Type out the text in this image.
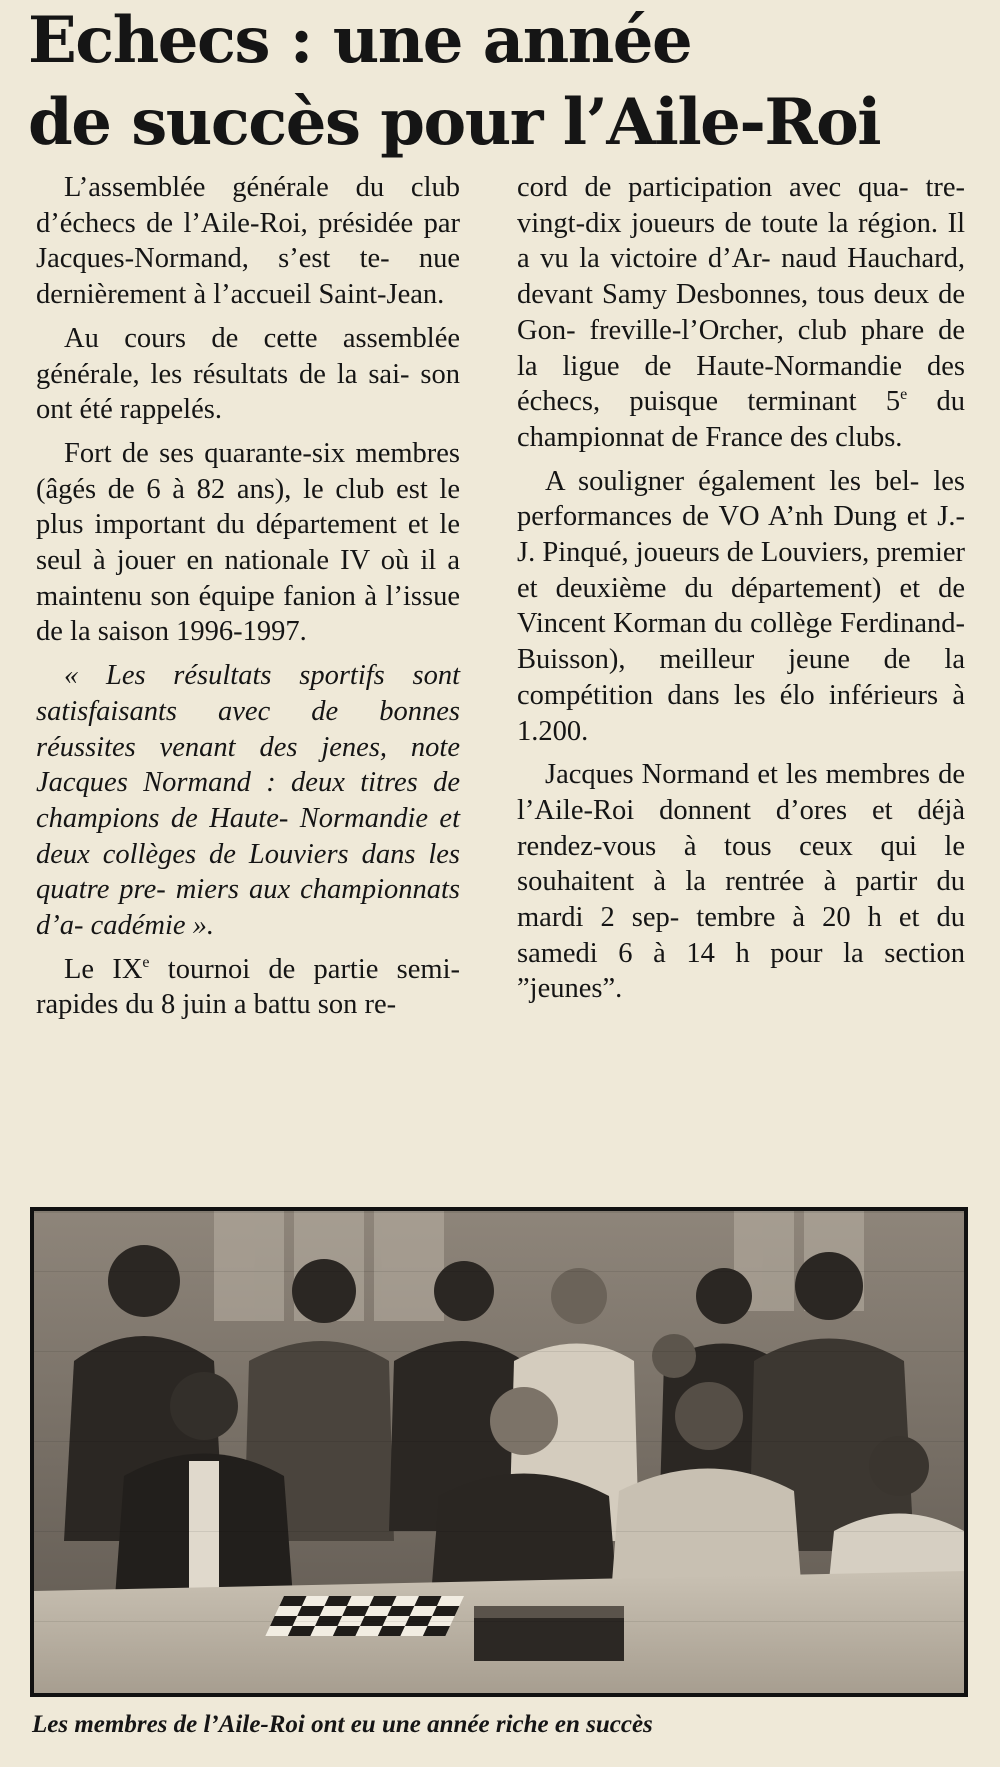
Echecs : une année
de succès pour l’Aile-Roi

L’assemblée générale du club d’échecs de l’Aile-Roi, présidée par Jacques-Normand, s’est te- nue dernièrement à l’accueil Saint-Jean.

Au cours de cette assemblée générale, les résultats de la sai- son ont été rappelés.

Fort de ses quarante-six membres (âgés de 6 à 82 ans), le club est le plus important du département et le seul à jouer en nationale IV où il a maintenu son équipe fanion à l’issue de la saison 1996-1997.

« Les résultats sportifs sont satisfaisants avec de bonnes réussites venant des jenes, note Jacques Normand : deux titres de champions de Haute- Normandie et deux collèges de Louviers dans les quatre pre- miers aux championnats d’a- cadémie ».

Le IXe tournoi de partie semi- rapides du 8 juin a battu son re-

cord de participation avec qua- tre-vingt-dix joueurs de toute la région. Il a vu la victoire d’Ar- naud Hauchard, devant Samy Desbonnes, tous deux de Gon- freville-l’Orcher, club phare de la ligue de Haute-Normandie des échecs, puisque terminant 5e du championnat de France des clubs.

A souligner également les bel- les performances de VO A’nh Dung et J.-J. Pinqué, joueurs de Louviers, premier et deuxième du département) et de Vincent Korman du collège Ferdinand- Buisson), meilleur jeune de la compétition dans les élo inférieurs à 1.200.

Jacques Normand et les membres de l’Aile-Roi donnent d’ores et déjà rendez-vous à tous ceux qui le souhaitent à la rentrée à partir du mardi 2 sep- tembre à 20 h et du samedi 6 à 14 h pour la section ”jeunes”.

Les membres de l’Aile-Roi ont eu une année riche en succès
